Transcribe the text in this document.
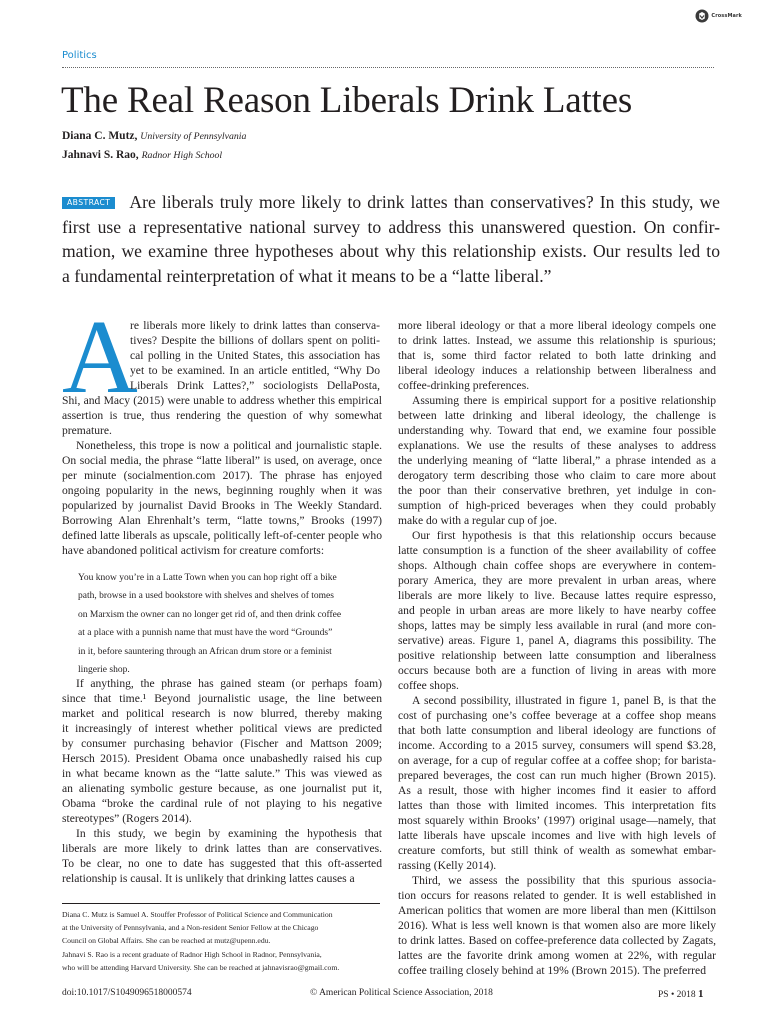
CrossMark
Politics
The Real Reason Liberals Drink Lattes
Diana C. Mutz, University of Pennsylvania
Jahnavi S. Rao, Radnor High School
ABSTRACT Are liberals truly more likely to drink lattes than conservatives? In this study, we
first use a representative national survey to address this unanswered question. On confir-
mation, we examine three hypotheses about why this relationship exists. Our results led to
a fundamental reinterpretation of what it means to be a “latte liberal.”
A
re liberals more likely to drink lattes than conserva-
tives? Despite the billions of dollars spent on politi-
cal polling in the United States, this association has
yet to be examined. In an article entitled, “Why Do
Liberals Drink Lattes?,” sociologists DellaPosta,
Shi, and Macy (2015) were unable to address whether this empirical
assertion is true, thus rendering the question of why somewhat
premature.
Nonetheless, this trope is now a political and journalistic staple.
On social media, the phrase “latte liberal” is used, on average, once
per minute (socialmention.com 2017). The phrase has enjoyed
ongoing popularity in the news, beginning roughly when it was
popularized by journalist David Brooks in The Weekly Standard.
Borrowing Alan Ehrenhalt’s term, “latte towns,” Brooks (1997)
defined latte liberals as upscale, politically left-of-center people who
have abandoned political activism for creature comforts:
You know you’re in a Latte Town when you can hop right off a bike
path, browse in a used bookstore with shelves and shelves of tomes
on Marxism the owner can no longer get rid of, and then drink coffee
at a place with a punnish name that must have the word “Grounds”
in it, before sauntering through an African drum store or a feminist
lingerie shop.
If anything, the phrase has gained steam (or perhaps foam)
since that time.¹ Beyond journalistic usage, the line between
market and political research is now blurred, thereby making
it increasingly of interest whether political views are predicted
by consumer purchasing behavior (Fischer and Mattson 2009;
Hersch 2015). President Obama once unabashedly raised his cup
in what became known as the “latte salute.” This was viewed as
an alienating symbolic gesture because, as one journalist put it,
Obama “broke the cardinal rule of not playing to his negative
stereotypes” (Rogers 2014).
In this study, we begin by examining the hypothesis that
liberals are more likely to drink lattes than are conservatives.
To be clear, no one to date has suggested that this oft-asserted
relationship is causal. It is unlikely that drinking lattes causes a
more liberal ideology or that a more liberal ideology compels one
to drink lattes. Instead, we assume this relationship is spurious;
that is, some third factor related to both latte drinking and
liberal ideology induces a relationship between liberalness and
coffee-drinking preferences.
Assuming there is empirical support for a positive relationship
between latte drinking and liberal ideology, the challenge is
understanding why. Toward that end, we examine four possible
explanations. We use the results of these analyses to address
the underlying meaning of “latte liberal,” a phrase intended as a
derogatory term describing those who claim to care more about
the poor than their conservative brethren, yet indulge in con-
sumption of high-priced beverages when they could probably
make do with a regular cup of joe.
Our first hypothesis is that this relationship occurs because
latte consumption is a function of the sheer availability of coffee
shops. Although chain coffee shops are everywhere in contem-
porary America, they are more prevalent in urban areas, where
liberals are more likely to live. Because lattes require espresso,
and people in urban areas are more likely to have nearby coffee
shops, lattes may be simply less available in rural (and more con-
servative) areas. Figure 1, panel A, diagrams this possibility. The
positive relationship between latte consumption and liberalness
occurs because both are a function of living in areas with more
coffee shops.
A second possibility, illustrated in figure 1, panel B, is that the
cost of purchasing one’s coffee beverage at a coffee shop means
that both latte consumption and liberal ideology are functions of
income. According to a 2015 survey, consumers will spend $3.28,
on average, for a cup of regular coffee at a coffee shop; for barista-
prepared beverages, the cost can run much higher (Brown 2015).
As a result, those with higher incomes find it easier to afford
lattes than those with limited incomes. This interpretation fits
most squarely within Brooks’ (1997) original usage—namely, that
latte liberals have upscale incomes and live with high levels of
creature comforts, but still think of wealth as somewhat embar-
rassing (Kelly 2014).
Third, we assess the possibility that this spurious associa-
tion occurs for reasons related to gender. It is well established in
American politics that women are more liberal than men (Kittilson
2016). What is less well known is that women also are more likely
to drink lattes. Based on coffee-preference data collected by Zagats,
lattes are the favorite drink among women at 22%, with regular
coffee trailing closely behind at 19% (Brown 2015). The preferred
Diana C. Mutz is Samuel A. Stouffer Professor of Political Science and Communication
at the University of Pennsylvania, and a Non-resident Senior Fellow at the Chicago
Council on Global Affairs. She can be reached at mutz@upenn.edu.
Jahnavi S. Rao is a recent graduate of Radnor High School in Radnor, Pennsylvania,
who will be attending Harvard University. She can be reached at jahnavisrao@gmail.com.
doi:10.1017/S1049096518000574	© American Political Science Association, 2018	PS • 2018 1
